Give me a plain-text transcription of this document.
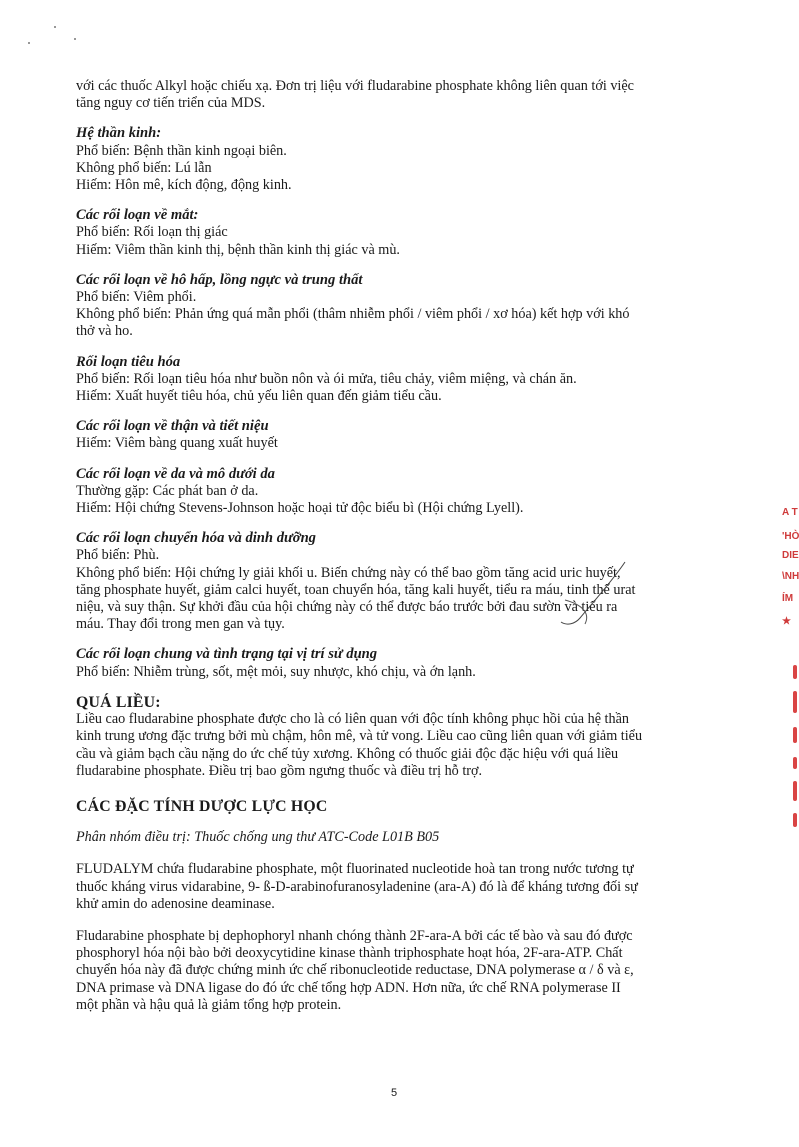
với các thuốc Alkyl hoặc chiếu xạ. Đơn trị liệu với fludarabine phosphate không liên quan tới việc

tăng nguy cơ tiến triển của MDS.

Hệ thần kinh:

Phổ biến: Bệnh thần kinh ngoại biên.

Không phổ biến: Lú lẫn

Hiếm: Hôn mê, kích động, động kinh.

Các rối loạn về mắt:

Phổ biến: Rối loạn thị giác

Hiếm: Viêm thần kinh thị, bệnh thần kinh thị giác và mù.

Các rối loạn về hô hấp, lồng ngực và trung thất

Phổ biến: Viêm phổi.

Không phổ biến: Phản ứng quá mẫn phổi (thâm nhiễm phổi / viêm phổi / xơ hóa) kết hợp với khó

thở và ho.

Rối loạn tiêu hóa

Phổ biến: Rối loạn tiêu hóa như buồn nôn và ói mửa, tiêu chảy, viêm miệng, và chán ăn.

Hiếm: Xuất huyết tiêu hóa, chủ yếu liên quan đến giảm tiểu cầu.

Các rối loạn về thận và tiết niệu

Hiếm: Viêm bàng quang xuất huyết

Các rối loạn về da và mô dưới da

Thường gặp: Các phát ban ở da.

Hiếm: Hội chứng Stevens-Johnson hoặc hoại tử độc biểu bì (Hội chứng Lyell).

Các rối loạn chuyển hóa và dinh dưỡng

Phổ biến: Phù.

Không phổ biến: Hội chứng ly giải khối u. Biến chứng này có thể bao gồm tăng acid uric huyết,

tăng phosphate huyết, giảm calci huyết, toan chuyển hóa, tăng kali huyết, tiểu ra máu, tinh thể urat

niệu, và suy thận. Sự khởi đầu của hội chứng này có thể được báo trước bởi đau sườn và tiểu ra

máu. Thay đổi trong men gan và tụy.

Các rối loạn chung và tình trạng tại vị trí sử dụng

Phổ biến: Nhiễm trùng, sốt, mệt mỏi, suy nhược, khó chịu, và ớn lạnh.

QUÁ LIỀU:

Liều cao fludarabine phosphate được cho là có liên quan với độc tính không phục hồi của hệ thần

kinh trung ương đặc trưng bởi mù chậm, hôn mê, và tử vong. Liều cao cũng liên quan với giảm tiểu

cầu và giảm bạch cầu nặng do ức chế tủy xương. Không có thuốc giải độc đặc hiệu với quá liều

fludarabine phosphate. Điều trị bao gồm ngưng thuốc và điều trị hỗ trợ.

CÁC ĐẶC TÍNH DƯỢC LỰC HỌC

Phân nhóm điều trị: Thuốc chống ung thư ATC-Code L01B B05

FLUDALYM chứa fludarabine phosphate, một fluorinated nucleotide hoà tan trong nước tương tự

thuốc kháng virus vidarabine, 9- ß-D-arabinofuranosyladenine (ara-A) đó là để kháng tương đối sự

khử amin do adenosine deaminase.

Fludarabine phosphate bị dephophoryl nhanh chóng thành 2F-ara-A bởi các tế bào và sau đó được

phosphoryl hóa nội bào bởi deoxycytidine kinase thành triphosphate hoạt hóa, 2F-ara-ATP. Chất

chuyển hóa này đã được chứng minh ức chế ribonucleotide reductase, DNA polymerase α / δ và ε,

DNA primase và DNA ligase do đó ức chế tổng hợp ADN. Hơn nữa, ức chế RNA polymerase II

một phần và hậu quả là giảm tổng hợp protein.

A T
'HÒ
DIE
\NH
ÍM
★
5
